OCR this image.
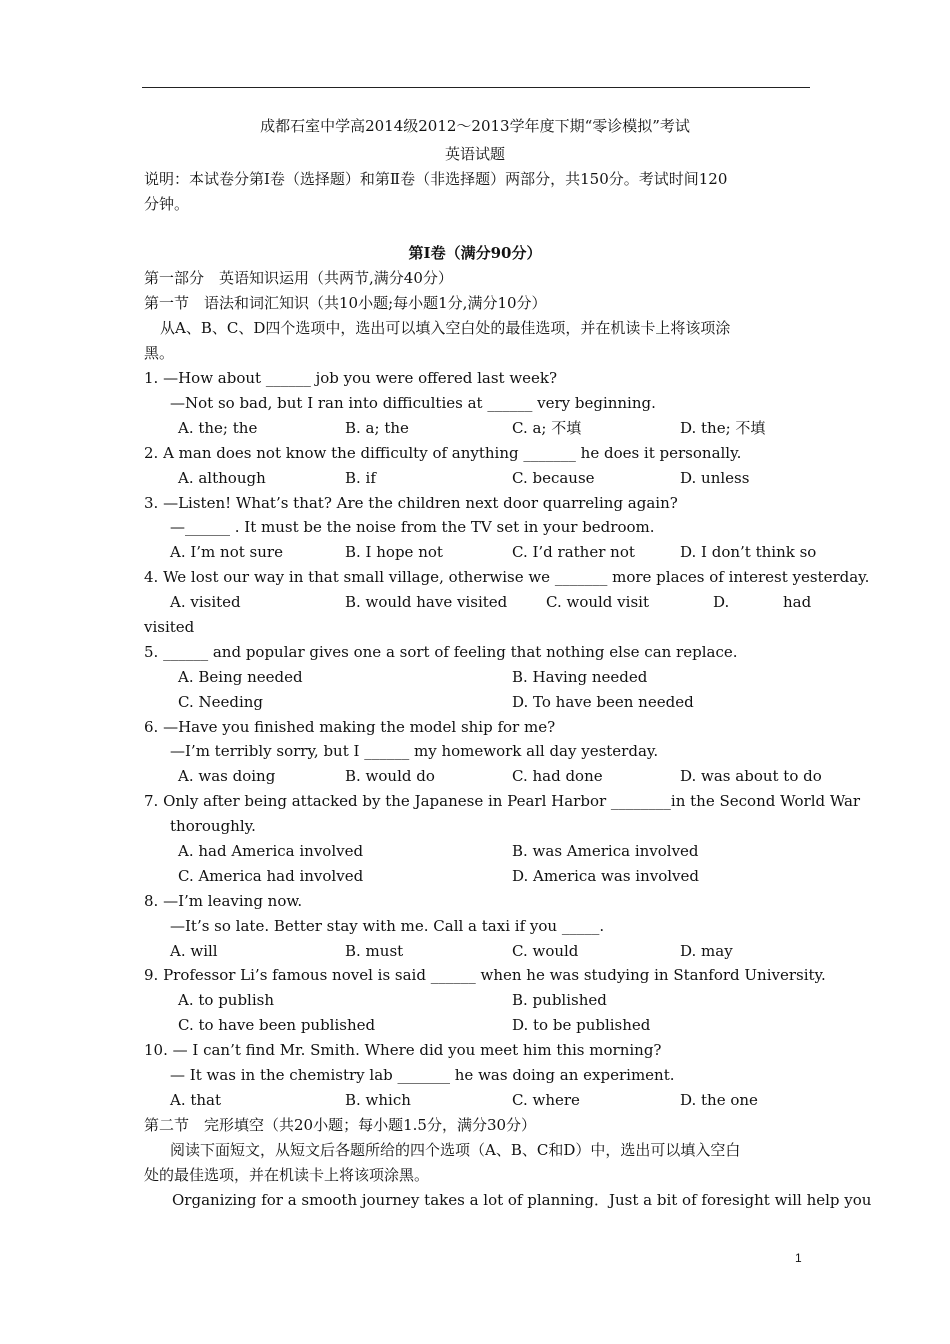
成都石室中学高2014级2012～2013学年度下期“零诊模拟”考试
英语试题
说明：本试卷分第Ⅰ卷（选择题）和第Ⅱ卷（非选择题）两部分，共150分。考试时间120
分钟。
第Ⅰ卷（满分90分）
第一部分　英语知识运用（共两节,满分40分）
第一节　语法和词汇知识（共10小题;每小题1分,满分10分）
从A、B、C、D四个选项中，选出可以填入空白处的最佳选项，并在机读卡上将该项涂
黑。
1. —How about ______ job you were offered last week?
—Not so bad, but I ran into difficulties at ______ very beginning.
A. the; the	B. a; the	C. a; 不填	D. the; 不填
2. A man does not know the difficulty of anything _______ he does it personally.
A. although	B. if	C. because	D. unless
3. —Listen! What’s that? Are the children next door quarreling again?
—______ . It must be the noise from the TV set in your bedroom.
A. I’m not sure	B. I hope not	C. I’d rather not	D. I don’t think so
4. We lost our way in that small village, otherwise we _______ more places of interest yesterday.
A. visited	B. would have visited	C. would visit	D.	had
visited
5. ______ and popular gives one a sort of feeling that nothing else can replace.
A. Being needed	B. Having needed
C. Needing	D. To have been needed
6. —Have you finished making the model ship for me?
—I’m terribly sorry, but I ______ my homework all day yesterday.
A. was doing	B. would do	C. had done	D. was about to do
7. Only after being attacked by the Japanese in Pearl Harbor ________in the Second World War
thoroughly.
A. had America involved	B. was America involved
C. America had involved	D. America was involved
8. —I’m leaving now.
—It’s so late. Better stay with me. Call a taxi if you _____.
A. will	B. must	C. would	D. may
9. Professor Li’s famous novel is said ______ when he was studying in Stanford University.
A. to publish	B. published
C. to have been published	D. to be published
10. — I can’t find Mr. Smith. Where did you meet him this morning?
— It was in the chemistry lab _______ he was doing an experiment.
A. that	B. which	C. where	D. the one
第二节　完形填空（共20小题；每小题1.5分，满分30分）
阅读下面短文，从短文后各题所给的四个选项（A、B、C和D）中，选出可以填入空白
处的最佳选项，并在机读卡上将该项涂黑。
Organizing for a smooth journey takes a lot of planning．Just a bit of foresight will help you
1
